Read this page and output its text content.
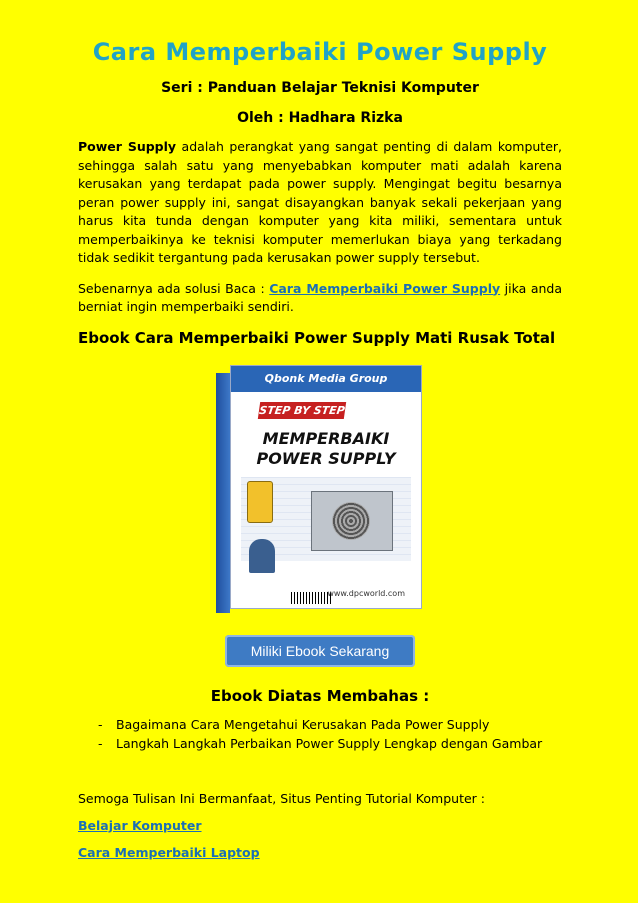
Cara Memperbaiki Power Supply
Seri : Panduan Belajar Teknisi Komputer
Oleh : Hadhara Rizka
Power Supply adalah perangkat yang sangat penting di dalam komputer, sehingga salah satu yang menyebabkan komputer mati adalah karena kerusakan yang terdapat pada power supply. Mengingat begitu besarnya peran power supply ini, sangat disayangkan banyak sekali pekerjaan yang harus kita tunda dengan komputer yang kita miliki, sementara untuk memperbaikinya ke teknisi komputer memerlukan biaya yang terkadang tidak sedikit tergantung pada kerusakan power supply tersebut.
Sebenarnya ada solusi Baca : Cara Memperbaiki Power Supply jika anda berniat ingin memperbaiki sendiri.
Ebook Cara Memperbaiki Power Supply Mati Rusak Total
Qbonk Media Group
STEP BY STEP
MEMPERBAIKI
POWER SUPPLY
www.dpcworld.com
Miliki Ebook Sekarang
Ebook Diatas Membahas :
- Bagaimana Cara Mengetahui Kerusakan Pada Power Supply
- Langkah Langkah Perbaikan Power Supply Lengkap dengan Gambar
Semoga Tulisan Ini Bermanfaat, Situs Penting Tutorial Komputer :
Belajar Komputer
Cara Memperbaiki Laptop
